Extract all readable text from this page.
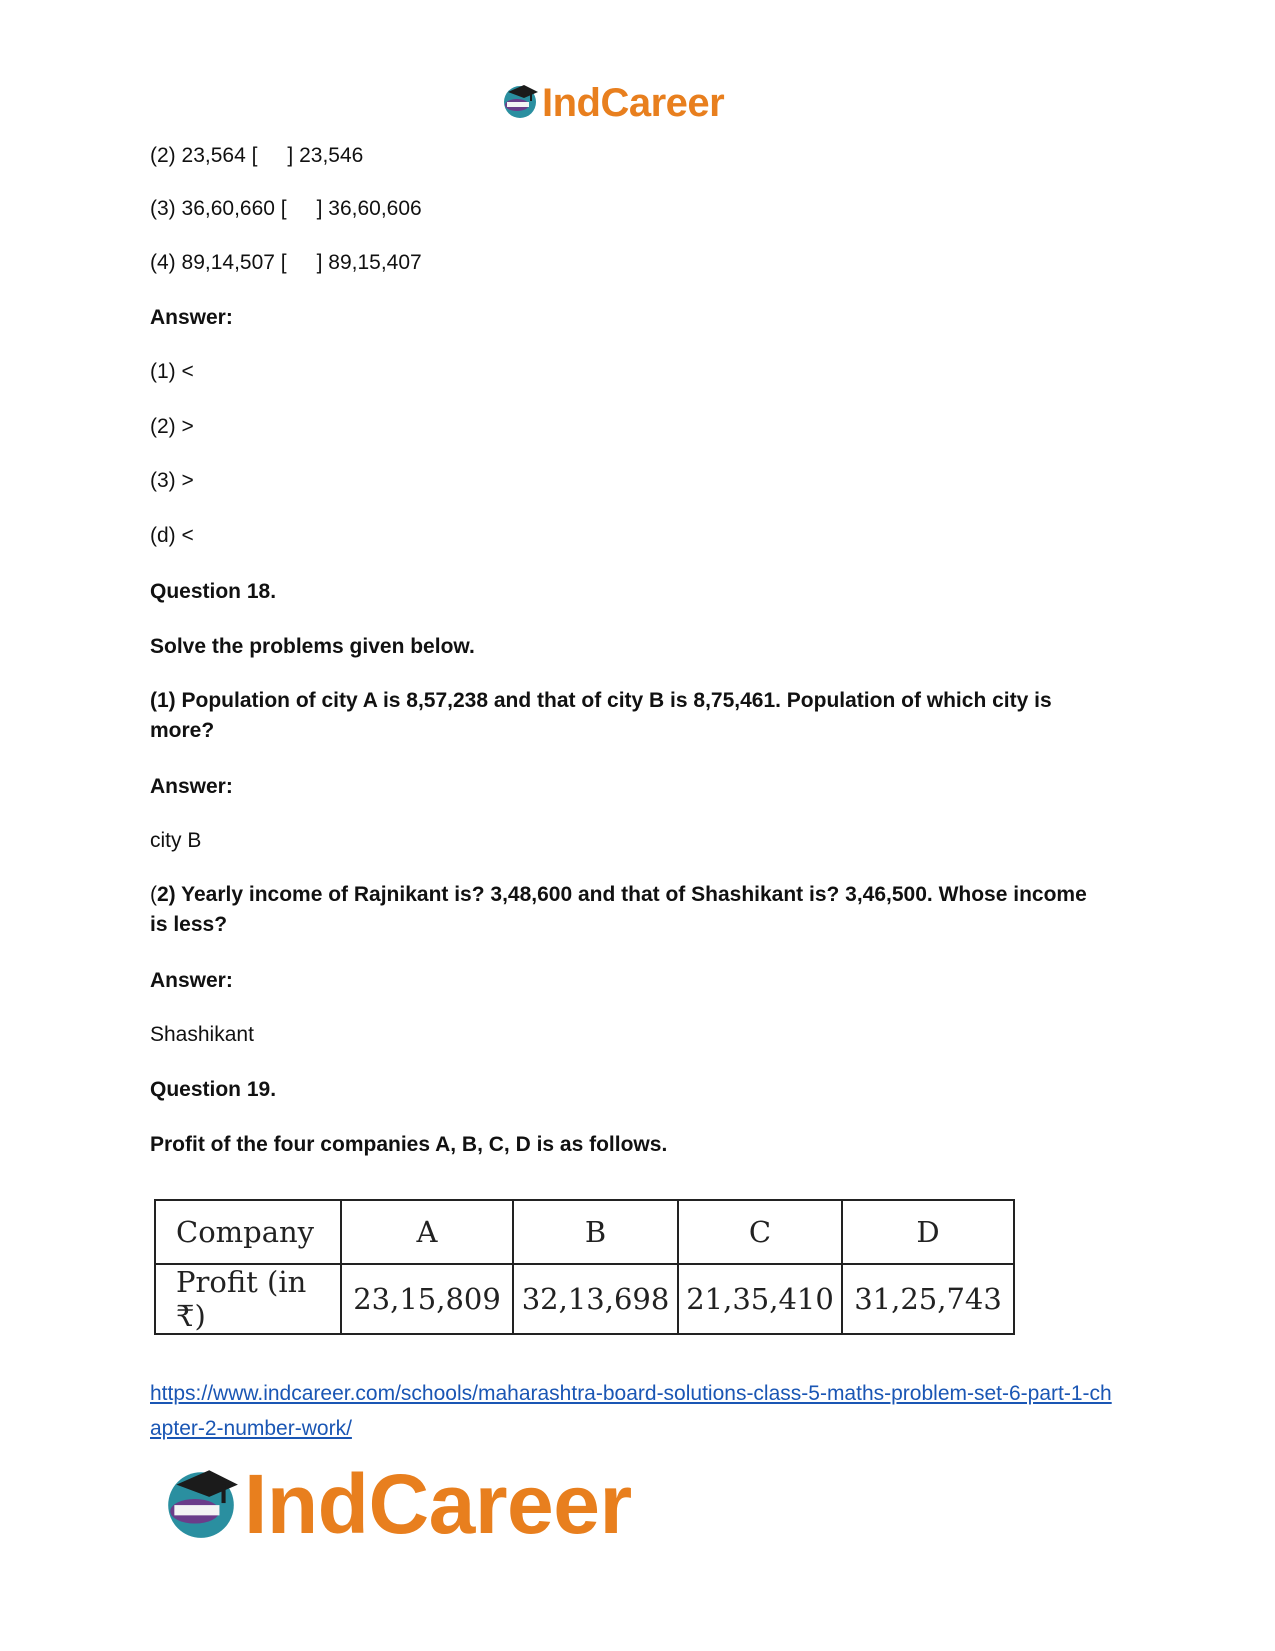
IndCareer
(2) 23,564 [ ] 23,546
(3) 36,60,660 [ ] 36,60,606
(4) 89,14,507 [ ] 89,15,407
Answer:
(1) <
(2) >
(3) >
(d) <
Question 18.
Solve the problems given below.
(1) Population of city A is 8,57,238 and that of city B is 8,75,461. Population of which city is more?
Answer:
city B
(2) Yearly income of Rajnikant is? 3,48,600 and that of Shashikant is? 3,46,500. Whose income is less?
Answer:
Shashikant
Question 19.
Profit of the four companies A, B, C, D is as follows.
Company	A	B	C	D
Profit (in ₹)	23,15,809	32,13,698	21,35,410	31,25,743
https://www.indcareer.com/schools/maharashtra-board-solutions-class-5-maths-problem-set-6-part-1-chapter-2-number-work/
IndCareer
